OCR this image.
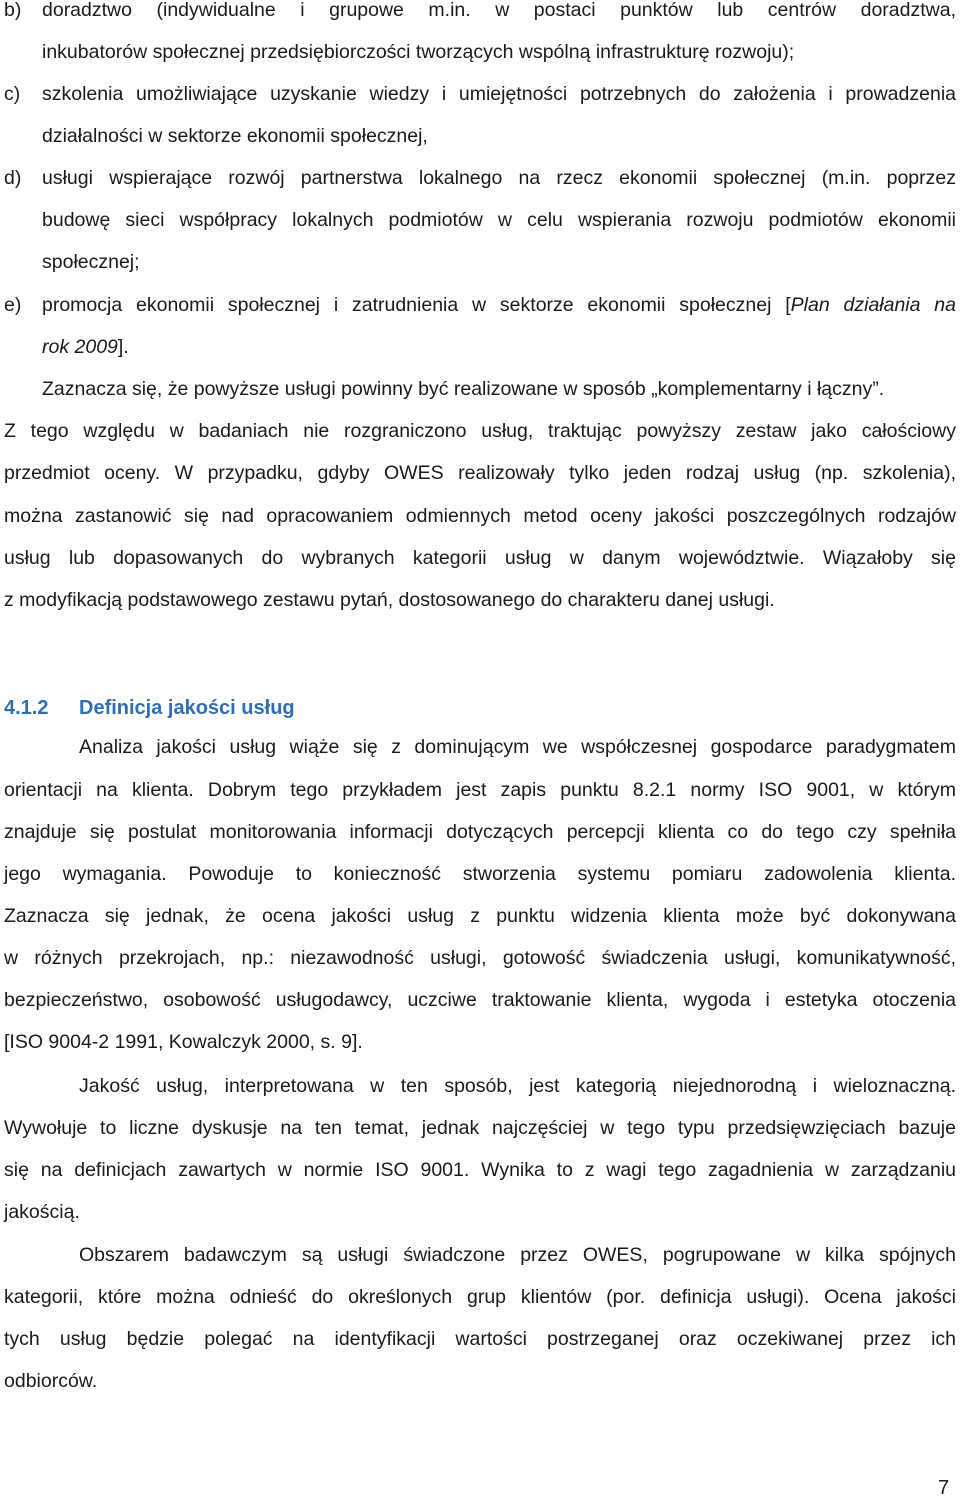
b) doradztwo (indywidualne i grupowe m.in. w postaci punktów lub centrów doradztwa,
inkubatorów społecznej przedsiębiorczości tworzących wspólną infrastrukturę rozwoju);
c) szkolenia umożliwiające uzyskanie wiedzy i umiejętności potrzebnych do założenia i prowadzenia
działalności w sektorze ekonomii społecznej,
d) usługi wspierające rozwój partnerstwa lokalnego na rzecz ekonomii społecznej (m.in. poprzez
budowę sieci współpracy lokalnych podmiotów w celu wspierania rozwoju podmiotów ekonomii
społecznej;
e) promocja ekonomii społecznej i zatrudnienia w sektorze ekonomii społecznej [Plan działania na
rok 2009].
Zaznacza się, że powyższe usługi powinny być realizowane w sposób „komplementarny i łączny”.
Z tego względu w badaniach nie rozgraniczono usług, traktując powyższy zestaw jako całościowy
przedmiot oceny. W przypadku, gdyby OWES realizowały tylko jeden rodzaj usług (np. szkolenia),
można zastanowić się nad opracowaniem odmiennych metod oceny jakości poszczególnych rodzajów
usług lub dopasowanych do wybranych kategorii usług w danym województwie. Wiązałoby się
z modyfikacją podstawowego zestawu pytań, dostosowanego do charakteru danej usługi.
4.1.2 Definicja jakości usług
Analiza jakości usług wiąże się z dominującym we współczesnej gospodarce paradygmatem
orientacji na klienta. Dobrym tego przykładem jest zapis punktu 8.2.1 normy ISO 9001, w którym
znajduje się postulat monitorowania informacji dotyczących percepcji klienta co do tego czy spełniła
jego wymagania. Powoduje to konieczność stworzenia systemu pomiaru zadowolenia klienta.
Zaznacza się jednak, że ocena jakości usług z punktu widzenia klienta może być dokonywana
w różnych przekrojach, np.: niezawodność usługi, gotowość świadczenia usługi, komunikatywność,
bezpieczeństwo, osobowość usługodawcy, uczciwe traktowanie klienta, wygoda i estetyka otoczenia
[ISO 9004-2 1991, Kowalczyk 2000, s. 9].
Jakość usług, interpretowana w ten sposób, jest kategorią niejednorodną i wieloznaczną.
Wywołuje to liczne dyskusje na ten temat, jednak najczęściej w tego typu przedsięwzięciach bazuje
się na definicjach zawartych w normie ISO 9001. Wynika to z wagi tego zagadnienia w zarządzaniu
jakością.
Obszarem badawczym są usługi świadczone przez OWES, pogrupowane w kilka spójnych
kategorii, które można odnieść do określonych grup klientów (por. definicja usługi). Ocena jakości
tych usług będzie polegać na identyfikacji wartości postrzeganej oraz oczekiwanej przez ich
odbiorców.
7
